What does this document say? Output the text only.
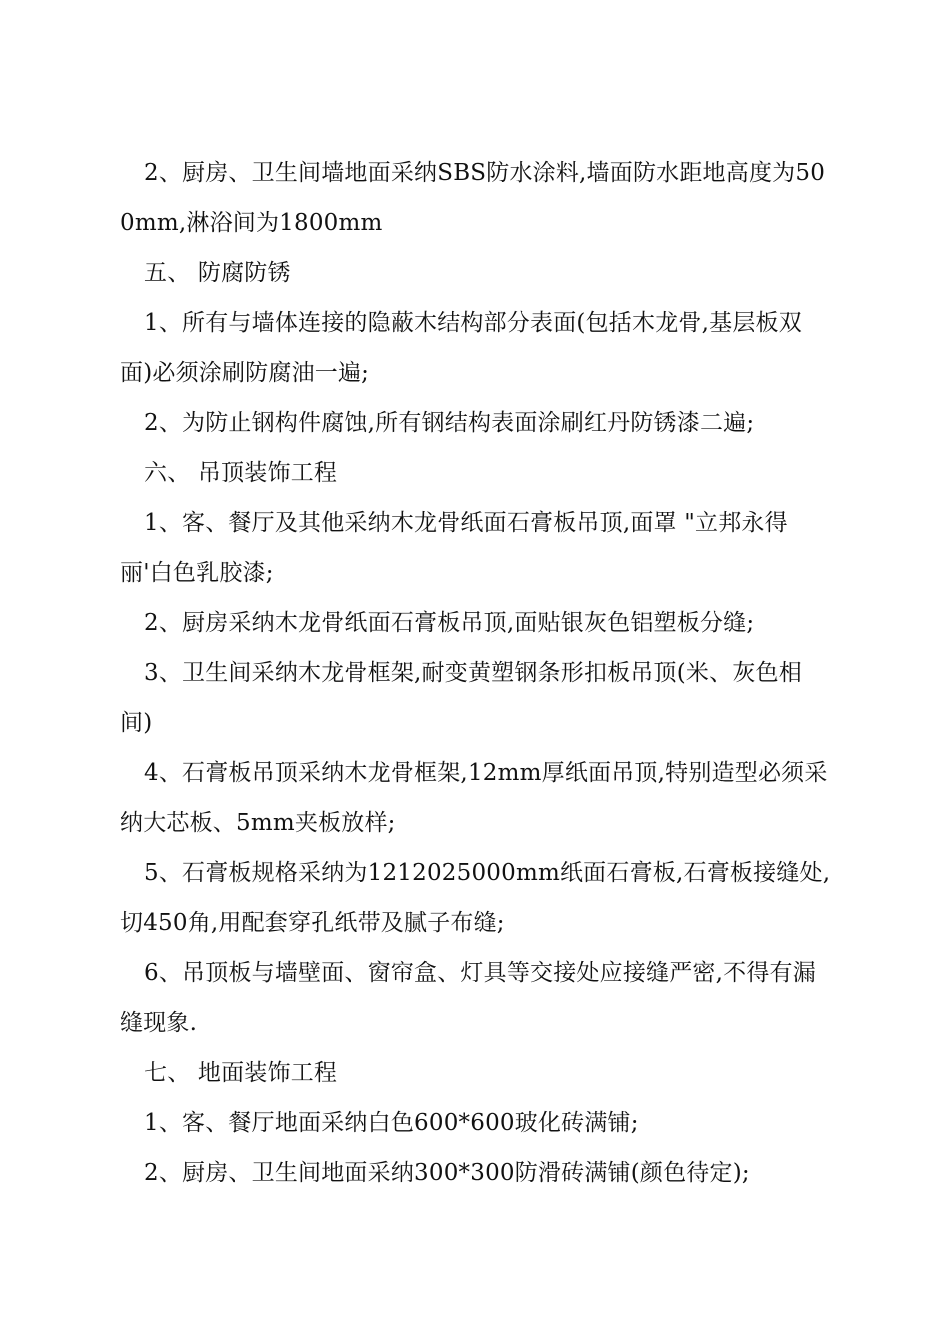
2、厨房、卫生间墙地面采纳SBS防水涂料,墙面防水距地高度为500mm,淋浴间为1800mm

五、 防腐防锈

1、所有与墙体连接的隐蔽木结构部分表面(包括木龙骨,基层板双面)必须涂刷防腐油一遍;

2、为防止钢构件腐蚀,所有钢结构表面涂刷红丹防锈漆二遍;

六、 吊顶装饰工程

1、客、餐厅及其他采纳木龙骨纸面石膏板吊顶,面罩 "立邦永得丽'白色乳胶漆;

2、厨房采纳木龙骨纸面石膏板吊顶,面贴银灰色铝塑板分缝;

3、卫生间采纳木龙骨框架,耐变黄塑钢条形扣板吊顶(米、灰色相间)

4、石膏板吊顶采纳木龙骨框架,12mm厚纸面吊顶,特别造型必须采纳大芯板、5mm夹板放样;

5、石膏板规格采纳为1212025000mm纸面石膏板,石膏板接缝处,切450角,用配套穿孔纸带及腻子布缝;

6、吊顶板与墙壁面、窗帘盒、灯具等交接处应接缝严密,不得有漏缝现象.

七、 地面装饰工程

1、客、餐厅地面采纳白色600*600玻化砖满铺;

2、厨房、卫生间地面采纳300*300防滑砖满铺(颜色待定);
